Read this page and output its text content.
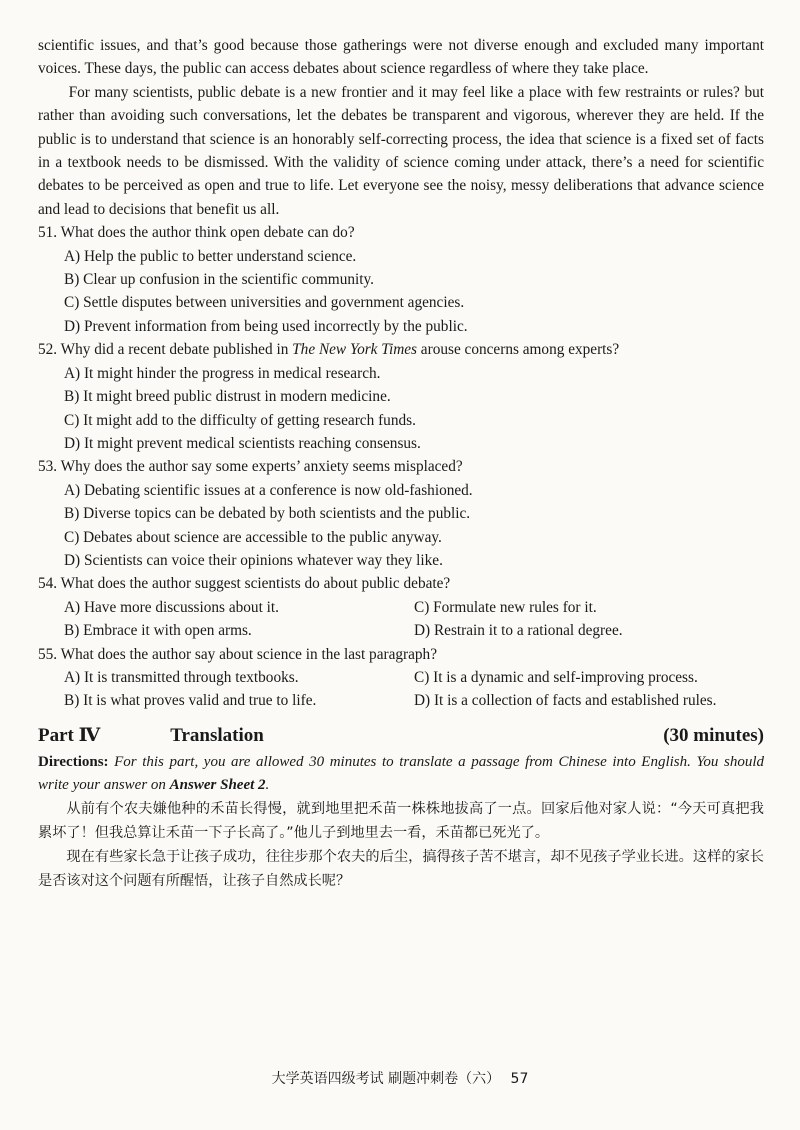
scientific issues, and that’s good because those gatherings were not diverse enough and excluded many important voices. These days, the public can access debates about science regardless of where they take place.

For many scientists, public debate is a new frontier and it may feel like a place with few restraints or rules? but rather than avoiding such conversations, let the debates be transparent and vigorous, wherever they are held. If the public is to understand that science is an honorably self-correcting process, the idea that science is a fixed set of facts in a textbook needs to be dismissed. With the validity of science coming under attack, there’s a need for scientific debates to be perceived as open and true to life. Let everyone see the noisy, messy deliberations that advance science and lead to decisions that benefit us all.

51. What does the author think open debate can do?

A) Help the public to better understand science.

B) Clear up confusion in the scientific community.

C) Settle disputes between universities and government agencies.

D) Prevent information from being used incorrectly by the public.

52. Why did a recent debate published in The New York Times arouse concerns among experts?

A) It might hinder the progress in medical research.

B) It might breed public distrust in modern medicine.

C) It might add to the difficulty of getting research funds.

D) It might prevent medical scientists reaching consensus.

53. Why does the author say some experts’ anxiety seems misplaced?

A) Debating scientific issues at a conference is now old-fashioned.

B) Diverse topics can be debated by both scientists and the public.

C) Debates about science are accessible to the public anyway.

D) Scientists can voice their opinions whatever way they like.

54. What does the author suggest scientists do about public debate?

A) Have more discussions about it.	C) Formulate new rules for it.
B) Embrace it with open arms.	D) Restrain it to a rational degree.

55. What does the author say about science in the last paragraph?

A) It is transmitted through textbooks.	C) It is a dynamic and self-improving process.
B) It is what proves valid and true to life.	D) It is a collection of facts and established rules.
Part Ⅳ	Translation	(30 minutes)

Directions: For this part, you are allowed 30 minutes to translate a passage from Chinese into English. You should write your answer on Answer Sheet 2.

从前有个农夫嫌他种的禾苗长得慢，就到地里把禾苗一株株地拔高了一点。回家后他对家人说：“今天可真把我累坏了！但我总算让禾苗一下子长高了。”他儿子到地里去一看，禾苗都已死光了。

现在有些家长急于让孩子成功，往往步那个农夫的后尘，搞得孩子苦不堪言，却不见孩子学业长进。这样的家长是否该对这个问题有所醒悟，让孩子自然成长呢？

大学英语四级考试 刷题冲刺卷（六） 57
